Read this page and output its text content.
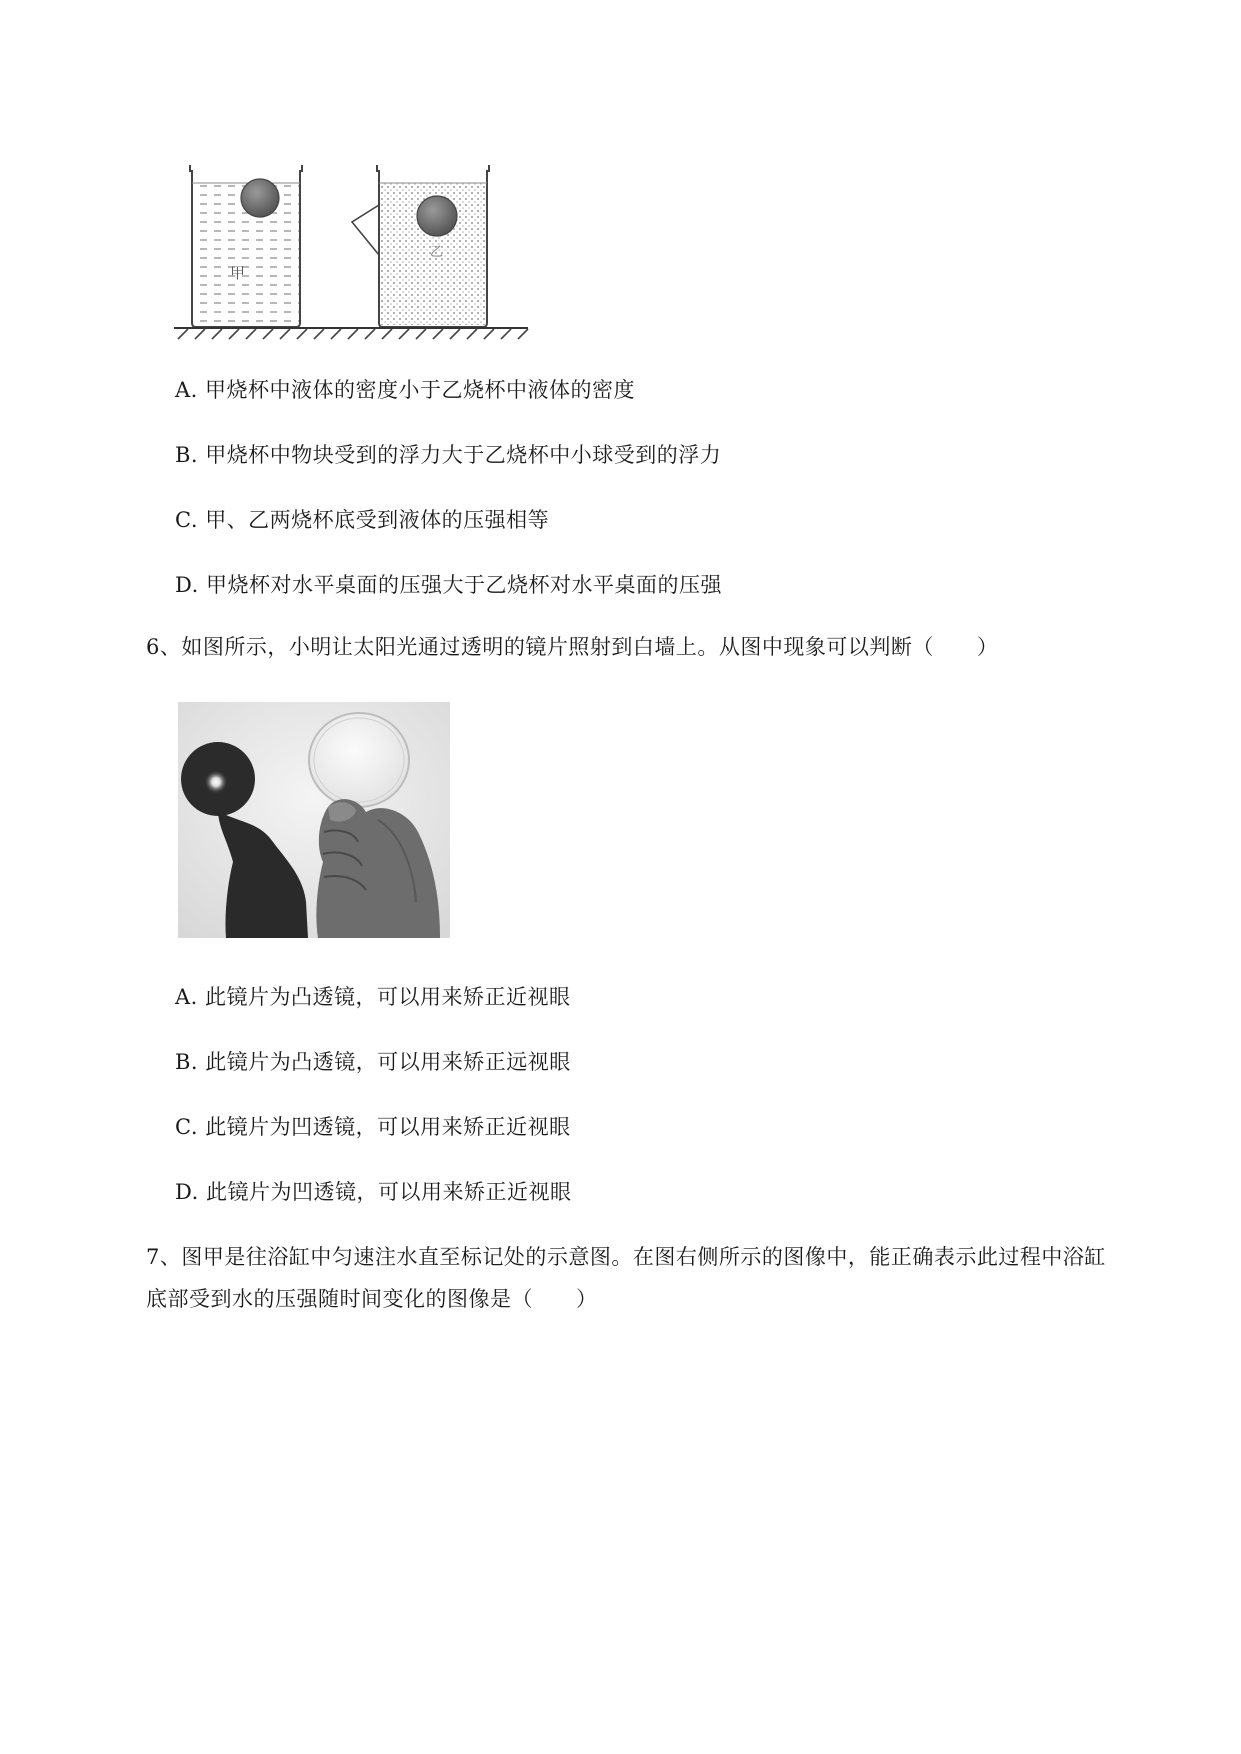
甲
乙
A. 甲烧杯中液体的密度小于乙烧杯中液体的密度
B. 甲烧杯中物块受到的浮力大于乙烧杯中小球受到的浮力
C. 甲、乙两烧杯底受到液体的压强相等
D. 甲烧杯对水平桌面的压强大于乙烧杯对水平桌面的压强
6、如图所示，小明让太阳光通过透明的镜片照射到白墙上。从图中现象可以判断（　　）
A. 此镜片为凸透镜，可以用来矫正近视眼
B. 此镜片为凸透镜，可以用来矫正远视眼
C. 此镜片为凹透镜，可以用来矫正近视眼
D. 此镜片为凹透镜，可以用来矫正近视眼
7、图甲是往浴缸中匀速注水直至标记处的示意图。在图右侧所示的图像中，能正确表示此过程中浴缸
底部受到水的压强随时间变化的图像是（　　）
